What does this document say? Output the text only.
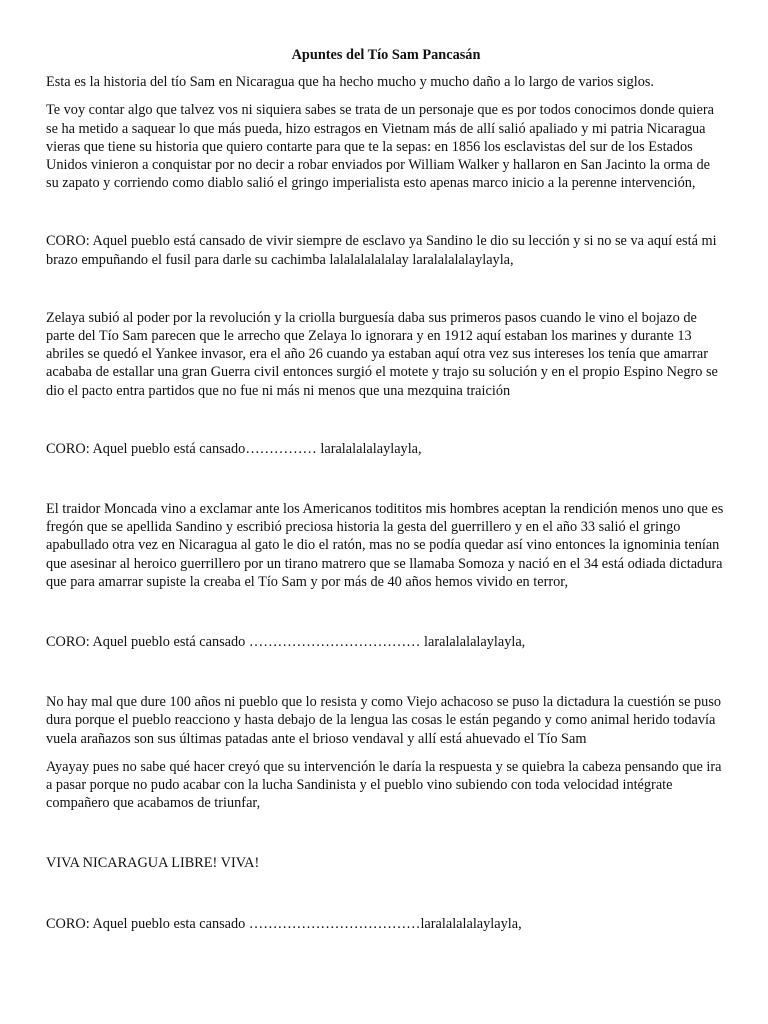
Apuntes del Tío Sam Pancasán

Esta es la historia del tío Sam en Nicaragua que ha hecho mucho y mucho daño a lo largo de varios siglos.

Te voy contar algo que talvez vos ni siquiera sabes se trata de un personaje que es por todos conocimos donde quiera se ha metido a saquear lo que más pueda, hizo estragos en Vietnam más de allí salió apaliado y mi patria Nicaragua vieras que tiene su historia que quiero contarte para que te la sepas: en 1856 los esclavistas del sur de los Estados Unidos vinieron a conquistar por no decir a robar enviados por William Walker y hallaron en San Jacinto la orma de su zapato y corriendo como diablo salió el gringo imperialista esto apenas marco inicio a la perenne intervención,

CORO: Aquel pueblo está cansado de vivir siempre de esclavo ya Sandino le dio su lección y si no se va aquí está mi brazo empuñando el fusil para darle su cachimba lalalalalalalay laralalalalaylayla,

Zelaya subió al poder por la revolución y la criolla burguesía daba sus primeros pasos cuando le vino el bojazo de parte del Tío Sam parecen que le arrecho que Zelaya lo ignorara y en 1912 aquí estaban los marines y durante 13 abriles se quedó el Yankee invasor, era el año 26 cuando ya estaban aquí otra vez sus intereses los tenía que amarrar acababa de estallar una gran Guerra civil entonces surgió el motete y trajo su solución y en el propio Espino Negro se dio el pacto entra partidos que no fue ni más ni menos que una mezquina traición

CORO: Aquel pueblo está cansado…………… laralalalalaylayla,

El traidor Moncada vino a exclamar ante los Americanos todititos mis hombres aceptan la rendición menos uno que es fregón que se apellida Sandino y escribió preciosa historia la gesta del guerrillero y en el año 33 salió el gringo apabullado otra vez en Nicaragua al gato le dio el ratón, mas no se podía quedar así vino entonces la ignominia tenían que asesinar al heroico guerrillero por un tirano matrero que se llamaba Somoza y nació en el 34 está odiada dictadura que para amarrar supiste la creaba el Tío Sam y por más de 40 años hemos vivido en terror,

CORO: Aquel pueblo está cansado ……………………………… laralalalalaylayla,

No hay mal que dure 100 años ni pueblo que lo resista y como Viejo achacoso se puso la dictadura la cuestión se puso dura porque el pueblo reacciono y hasta debajo de la lengua las cosas le están pegando y como animal herido todavía vuela arañazos son sus últimas patadas ante el brioso vendaval y allí está ahuevado el Tío Sam

Ayayay pues no sabe qué hacer creyó que su intervención le daría la respuesta y se quiebra la cabeza pensando que ira a pasar porque no pudo acabar con la lucha Sandinista y el pueblo vino subiendo con toda velocidad intégrate compañero que acabamos de triunfar,

VIVA NICARAGUA LIBRE! VIVA!

CORO: Aquel pueblo esta cansado ………………………………laralalalalaylayla,
